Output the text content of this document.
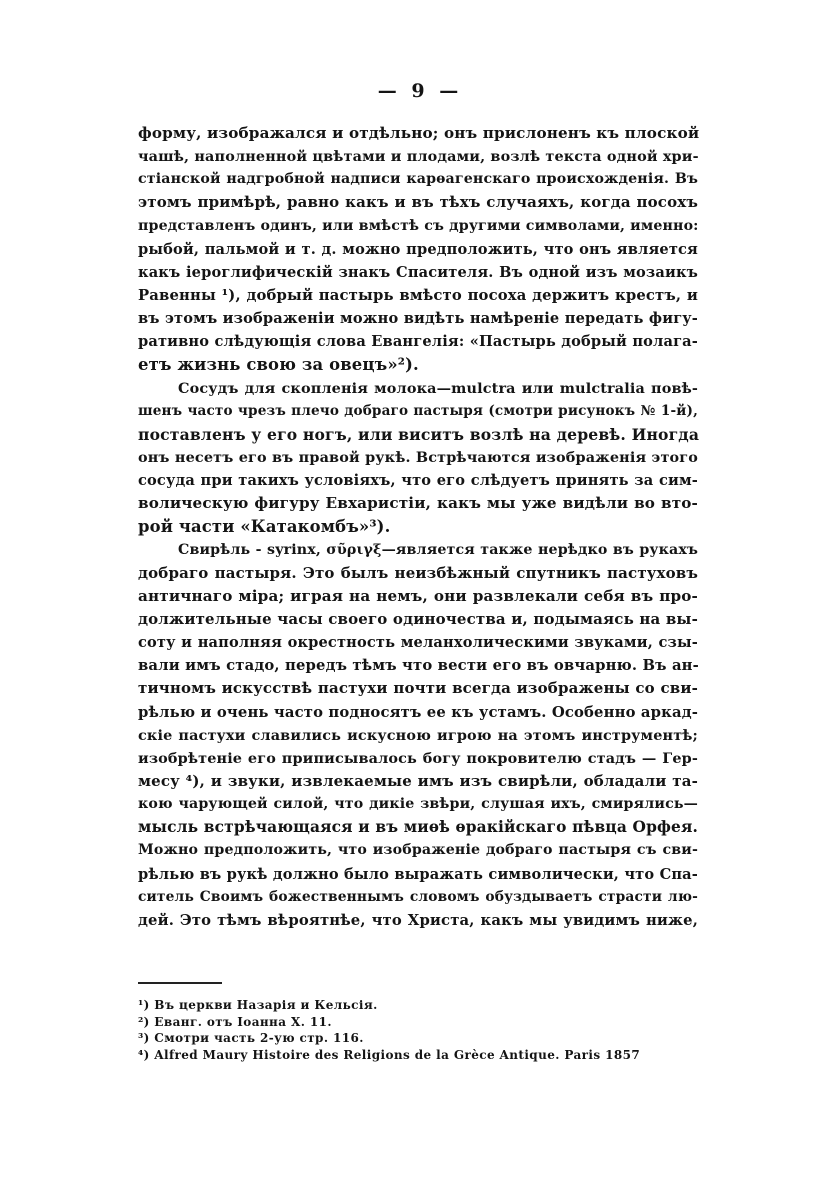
— 9 —
форму, изображался и отдѣльно; онъ прислоненъ къ плоской
чашѣ, наполненной цвѣтами и плодами, возлѣ текста одной хри-
стіанской надгробной надписи карѳагенскаго происхожденія. Въ
этомъ примѣрѣ, равно какъ и въ тѣхъ случаяхъ, когда посохъ
представленъ одинъ, или вмѣстѣ съ другими символами, именно:
рыбой, пальмой и т. д. можно предположить, что онъ является
какъ іероглифическій знакъ Спасителя. Въ одной изъ мозаикъ
Равенны ¹), добрый пастырь вмѣсто посоха держитъ крестъ, и
въ этомъ изображеніи можно видѣть намѣреніе передать фигу-
ративно слѣдующія слова Евангелія: «Пастырь добрый полага-
етъ жизнь свою за овецъ»²).
Сосудъ для скопленія молока—mulctra или mulctralia повѣ-
шенъ часто чрезъ плечо добраго пастыря (смотри рисунокъ № 1-й),
поставленъ у его ногъ, или виситъ возлѣ на деревѣ. Иногда
онъ несетъ его въ правой рукѣ. Встрѣчаются изображенія этого
сосуда при такихъ условіяхъ, что его слѣдуетъ принять за сим-
волическую фигуру Евхаристіи, какъ мы уже видѣли во вто-
рой части «Катакомбъ»³).
Свирѣль - syrinx, σῦριγξ—является также нерѣдко въ рукахъ
добраго пастыря. Это былъ неизбѣжный спутникъ пастуховъ
античнаго міра; играя на немъ, они развлекали себя въ про-
должительные часы своего одиночества и, подымаясь на вы-
соту и наполняя окрестность меланхолическими звуками, сзы-
вали имъ стадо, передъ тѣмъ что вести его въ овчарню. Въ ан-
тичномъ искусствѣ пастухи почти всегда изображены со сви-
рѣлью и очень часто подносятъ ее къ устамъ. Особенно аркад-
скіе пастухи славились искусною игрою на этомъ инструментѣ;
изобрѣтеніе его приписывалось богу покровителю стадъ — Гер-
месу ⁴), и звуки, извлекаемые имъ изъ свирѣли, обладали та-
кою чарующей силой, что дикіе звѣри, слушая ихъ, смирялись—
мысль встрѣчающаяся и въ миѳѣ ѳракійскаго пѣвца Орфея.
Можно предположить, что изображеніе добраго пастыря съ сви-
рѣлью въ рукѣ должно было выражать символически, что Спа-
ситель Своимъ божественнымъ словомъ обуздываетъ страсти лю-
дей. Это тѣмъ вѣроятнѣе, что Христа, какъ мы увидимъ ниже,
¹) Въ церкви Назарія и Кельсія.
²) Еванг. отъ Іоанна X. 11.
³) Смотри часть 2-ую стр. 116.
⁴) Alfred Maury Histoire des Religions de la Grèce Antique. Paris 1857
